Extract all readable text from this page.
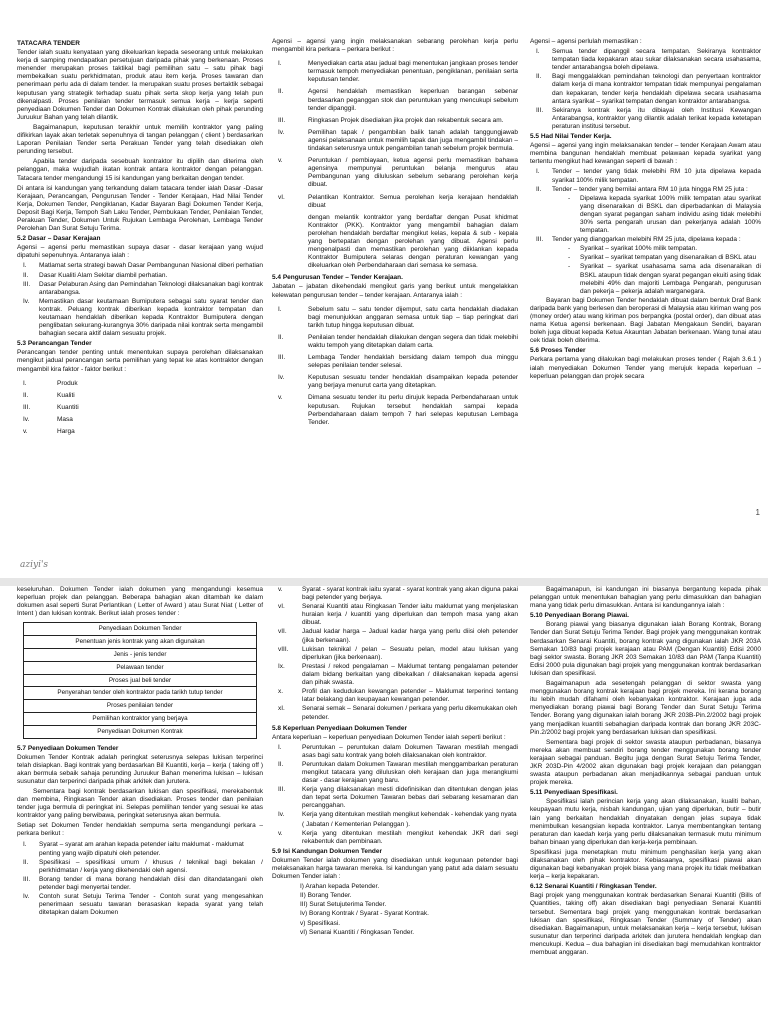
TATACARA TENDER

Tender ialah suatu kenyataan yang dikeluarkan kepada seseorang untuk melakukan kerja di samping mendapatkan persetujuan daripada pihak yang berkenaan. Proses menender merupakan proses taktikal bagi pemilihan satu – satu pihak bagi membekalkan suatu perkhidmatan, produk atau item kerja. Proses tawaran dan penerimaan perlu ada di dalam tender. Ia merupakan suatu proses bertaktik sebagai keputusan yang strategik terhadap suatu pihak serta skop kerja yang telah pun dikenalpasti. Proses penilaian tender termasuk semua kerja – kerja seperti penyediaan Dokumen Tender dan Dokumen Kontrak dilakukan oleh pihak perunding Juruukur Bahan yang telah dilantik.

Bagaimanapun, keputusan terakhir untuk memilih kontraktor yang paling difikirkan layak akan terletak sepenuhnya di tangan pelanggan ( client ) berdasarkan Laporan Penilaian Tender serta Perakuan Tender yang telah disediakan oleh perunding tersebut.

Apabila tender daripada sesebuah kontraktor itu dipilih dan diterima oleh pelanggan, maka wujudlah ikatan kontrak antara kontraktor dengan pelanggan. Tatacara tender mengandungi 15 isi kandungan yang berkaitan dengan tender.

Di antara isi kandungan yang terkandung dalam tatacara tender ialah Dasar -Dasar Kerajaan, Perancangan, Pengurusan Tender - Tender Kerajaan, Had Nilai Tender Kerja, Dokumen Tender, Pengiklanan, Kadar Bayaran Bagi Dokumen Tender Kerja, Deposit Bagi Kerja, Tempoh Sah Laku Tender, Pembukaan Tender, Penilaian Tender, Perakuan Tender, Dokumen Untuk Rujukan Lembaga Perolehan, Lembaga Tender Perolehan Dan Surat Setuju Terima.

5.2 Dasar – Dasar Kerajaan

Agensi – agensi perlu memastikan supaya dasar - dasar kerajaan yang wujud dipatuhi sepenuhnya. Antaranya ialah :

I.	Matlamat serta strategi bawah Dasar Pembangunan Nasional diberi perhatian
II.	Dasar Kualiti Alam Sekitar diambil perhatian.
III.	Dasar Pelaburan Asing dan Pemindahan Teknologi dilaksanakan bagi kontrak antarabangsa.
Iv.	Memastikan dasar keutamaan Bumiputera sebagai satu syarat tender dan kontrak. Peluang kontrak diberikan kepada kontraktor tempatan dan keutamaan hendaklah diberikan kepada Kontraktor Bumiputera dengan penglibatan sekurang-kurangnya 30% daripada nilai kontrak serta mengambil bahagian secara aktif dalam sesuatu projek.

5.3 Perancangan Tender

Perancangan tender penting untuk menentukan supaya perolehan dilaksanakan mengikut jadual perancangan serta pemilihan yang tepat ke atas kontraktor dengan mengambil kira faktor - faktor berikut :

I.	Produk
II.	Kualiti
III.	Kuantiti
Iv.	Masa
v.	Harga
aziyi's

Agensi – agensi yang ingin melaksanakan sebarang perolehan kerja perlu mengambil kira perkara – perkara berikut :

I.	Menyediakan carta atau jadual bagi menentukan jangkaan proses tender termasuk tempoh menyediakan penentuan, pengiklanan, penilaian serta keputusan tender.
II.	Agensi hendaklah memastikan keperluan barangan sebenar berdasarkan peganggan stok dan peruntukan yang mencukupi sebelum tender dipanggil.
III.	Ringkasan Projek disediakan jika projek dan rekabentuk secara am.
Iv.	Pemilihan tapak / pengambilan balik tanah adalah tanggungjawab agensi pelaksanaan untuk memilih tapak dan juga mengambil tindakan – tindakan seterusnya untuk pengambilan tanah sebelum projek bermula.
v.	Peruntukan / pembiayaan, ketua agensi perlu memastikan bahawa agensinya mempunyai peruntukan belanja mengurus atau Pembangunan yang diluluskan sebelum sebarang perolehan kerja dibuat.
vI.	Pelantikan Kontraktor. Semua perolehan kerja kerajaan hendaklah dibuat
dengan melantik kontraktor yang berdaftar dengan Pusat khidmat Kontraktor (PKK). Kontraktor yang mengambil bahagian dalam perolehan hendaklah berdaftar mengikut kelas, kepala & sub - kepala yang bertepatan dengan perolehan yang dibuat. Agensi perlu mengenalpasti dan memastikan perolehan yang diiklankan kepada Kontraktor Bumiputera selaras dengan peraturan kewangan yang dikeluarkan oleh Perbendaharaan dari semasa ke semasa.

5.4 Pengurusan Tender – Tender Kerajaan.

Jabatan – jabatan dikehendaki mengikut garis yang berikut untuk mengelakkan kelewatan pengurusan tender – tender kerajaan. Antaranya ialah :

I.	Sebelum satu – satu tender dijemput, satu carta hendaklah diadakan bagi menunjukkan anggaran semasa untuk tiap – tiap peringkat dari tarikh tutup hingga keputusan dibuat.
II.	Penilaian tender hendaklah dilakukan dengan segera dan tidak melebihi waktu tempoh yang ditetapkan dalam carta.
III.	Lembaga Tender hendaklah bersidang dalam tempoh dua minggu selepas penilaian tender selesai.
Iv.	Keputusan sesuatu tender hendaklah disampaikan kepada petender yang berjaya menurut carta yang ditetapkan.
v.	Dimana sesuatu tender itu perlu dirujuk kepada Perbendaharaan untuk keputusan. Rujukan tersebut hendaklah sampai kepada Perbendaharaan dalam tempoh 7 hari selepas keputusan Lembaga Tender.

Agensi – agensi perlulah memastikan :

I.	Semua tender dipanggil secara tempatan. Sekiranya kontraktor tempatan tiada kepakaran atau sukar dilaksanakan secara usahasama, tender antarabangsa boleh dipelawa.
II.	Bagi menggalakkan pemindahan teknologi dan penyertaan kontraktor dalam kerja di mana kontraktor tempatan tidak mempunyai pengalaman dan kepakaran, tender kerja hendaklah dipelawa secara usahasama antara syarikat – syarikat tempatan dengan kontraktor antarabangsa.
III.	Sekiranya kontrak kerja itu dibiayai oleh Institusi Kewangan Antarabangsa, kontraktor yang dilantik adalah terikat kepada ketetapan peraturan institusi tersebut.

5.5 Had Nilai Tender Kerja.

Agensi – agensi yang ingin melaksanakan tender – tender Kerajaan Awam atau membina bangunan hendaklah membuat pelawaan kepada syarikat yang tertentu mengikut had kewangan seperti di bawah :

I.	Tender – tender yang tidak melebihi RM 10 juta dipelawa kepada syarikat 100% milik tempatan.
II.	Tender – tender yang bernilai antara RM 10 juta hingga RM 25 juta :
-	Dipelawa kepada syarikat 100% milik tempatan atau syarikat yang disenaraikan di BSKL dan diperbadankan di Malaysia dengan syarat pegangan saham individu asing tidak melebihi 30% serta pengarah urusan dan pekerjanya adalah 100% tempatan.
III.	Tender yang dianggarkan melebihi RM 25 juta, dipelawa kepada :
-	Syarikat – syarikat 100% milik tempatan.
-	Syarikat – syarikat tempatan yang disenaraikan di BSKL atau
-	Syarikat – syarikat usahasama sama ada disenaraikan di BSKL ataupun tidak dengan syarat pegangan ekuiti asing tidak melebihi 49% dan majoriti Lembaga Pengarah, pengurusan dan pekerja – pekerja adalah warganegara.

Bayaran bagi Dokumen Tender hendaklah dibuat dalam bentuk Draf Bank daripada bank yang berlesen dan beroperasi di Malaysia atau kiriman wang pos (money order) atau wang kiriman pos berpangka (postal order), dan dibuat atas nama Ketua agensi berkenaan. Bagi Jabatan Mengakaun Sendiri, bayaran boleh juga dibuat kepada Ketua Akauntan Jabatan berkenaan. Wang tunai atau cek tidak boleh diterima.

5.6 Proses Tender

Perkara pertama yang dilakukan bagi melakukan proses tender ( Rajah 3.6.1 ) ialah menyediakan Dokumen Tender yang merujuk kepada keperluan – keperluan pelanggan dan projek secara

1

keseluruhan. Dokumen Tender ialah dokumen yang mengandungi kesemua keperluan projek dan pelanggan. Beberapa bahagian akan ditambah ke dalam dokumen asal seperti Surat Perlantikan ( Letter of Award ) atau Surat Niat ( Letter of Intent ) dan lukisan kontrak. Berikut ialah proses tender :

Penyediaan Dokumen Tender
Penentuan jenis kontrak yang akan digunakan
Jenis - jenis tender
Pelawaan tender
Proses jual beli tender
Penyerahan tender oleh kontraktor pada tarikh tutup tender
Proses penilaian tender
Pemilihan kontraktor yang berjaya
Penyediaan Dokumen Kontrak

5.7 Penyediaan Dokumen Tender

Dokumen Tender Kontrak adalah peringkat seterusnya selepas lukisan terperinci telah disiapkan. Bagi kontrak yang berdasarkan Bil Kuantiti, kerja – kerja ( taking off ) akan bermula sebaik sahaja perunding Juruukur Bahan menerima lukisan – lukisan susunatur dan terperinci daripada pihak arkitek dan jurutera.

Sementara bagi kontrak berdasarkan lukisan dan spesifikasi, merekabentuk dan membina, Ringkasan Tender akan disediakan. Proses tender dan penilaian tender juga bermula di peringkat ini. Selepas pemilihan tender yang sesuai ke atas kontraktor yang paling berwibawa, peringkat seterusnya akan bermula.

Setiap set Dokumen Tender hendaklah sempurna serta mengandungi perkara – perkara berikut :

I.	Syarat – syarat am arahan kepada petender iaitu maklumat - maklumat
penting yang wajib dipatuhi oleh petender.
II.	Spesifikasi – spesifikasi umum / khusus / teknikal bagi bekalan / perkhidmatan / kerja yang dikehendaki oleh agensi.
III.	Borang tender di mana borang hendaklah diisi dan ditandatangani oleh petender bagi menyertai tender.
Iv.	Contoh surat Setuju Terima Tender - Contoh surat yang mengesahkan penerimaan sesuatu tawaran berasaskan kepada syarat yang telah ditetapkan dalam Dokumen
v.	Syarat - syarat kontrak iaitu syarat - syarat kontrak yang akan diguna pakai bagi petender yang berjaya.
vI.	Senarai Kuantiti atau Ringkasan Tender iaitu maklumat yang menjelaskan huraian kerja / kuantiti yang diperlukan dan tempoh masa yang akan dibuat.
vII.	Jadual kadar harga – Jadual kadar harga yang perlu diisi oleh petender (jika berkenaan).
vIII.	Lukisan teknikal / pelan – Sesuatu pelan, model atau lukisan yang diperlukan (jika berkenaan).
Ix.	Prestasi / rekod pengalaman – Maklumat tentang pengalaman petender dalam bidang berkaitan yang dibekalkan / dilaksanakan kepada agensi dan pihak swasta.
x.	Profil dan kedudukan kewangan petender – Maklumat terperinci tentang latar belakang dan keupayaan kewangan petender.
xI.	Senarai semak – Senarai dokumen / perkara yang perlu dikemukakan oleh
petender.

5.8 Keperluan Penyediaan Dokumen Tender

Antara keperluan – keperluan penyediaan Dokumen Tender ialah seperti berikut :

I.	Peruntukan – peruntukan dalam Dokumen Tawaran mestilah mengadi asas bagi satu kontrak yang boleh dilaksanakan oleh kontraktor.
II.	Peruntukan dalam Dokumen Tawaran mestilah menggambarkan peraturan mengikut tatacara yang diluluskan oleh kerajaan dan juga merangkumi dasar - dasar kerajaan yang baru.
III.	Kerja yang dilaksanakan mesti didefinisikan dan ditentukan dengan jelas dan tepat serta Dokumen Tawaran bebas dari sebarang kesamaran dan percanggahan.
Iv.	Kerja yang ditentukan mestilah mengikut kehendak - kehendak yang nyata
( Jabatan / Kementerian Pelanggan ).
v.	Kerja yang ditentukan mestilah mengikut kehendak JKR dari segi rekabentuk dan pembinaan.

5.9 Isi Kandungan Dokumen Tender

Dokumen Tender ialah dokumen yang disediakan untuk kegunaan petender bagi melaksanakan harga tawaran mereka. Isi kandungan yang patut ada dalam sesuatu Dokumen Tender ialah :

I) Arahan kepada Petender.
II) Borang Tender.
III) Surat Setujuterima Tender.
Iv) Borang Kontrak / Syarat - Syarat Kontrak.
v) Spesifikasi.
vI) Senarai Kuantiti / Ringkasan Tender.

Bagaimanapun, isi kandungan ini biasanya bergantung kepada pihak pelanggan untuk menentukan bahagian yang perlu dimasukkan dan bahagian mana yang tidak perlu dimasukkan. Antara isi kandungannya ialah :

5.10 Penyediaan Borang Piawai.

Borang piawai yang biasanya digunakan ialah Borang Kontrak, Borang Tender dan Surat Setuju Terima Tender. Bagi projek yang menggunakan kontrak berdasarkan Senarai Kuantiti, borang kontrak yang digunakan ialah JKR 203A Semakan 10/83 bagi projek kerajaan atau PAM (Dengan Kuantiti) Edisi 2000 bagi sektor swasta. Borang JKR 203 Semakan 10/83 dan PAM (Tanpa Kuantiti) Edisi 2000 pula digunakan bagi projek yang menggunakan kontrak berdasarkan lukisan dan spesifikasi.

Bagaimanapun ada sesetengah pelanggan di sektor swasta yang menggunakan borang kontrak kerajaan bagi projek mereka. Ini kerana borang itu lebih mudah difahami oleh kebanyakan kontraktor. Kerajaan juga ada menyediakan borang piawai bagi Borang Tender dan Surat Setuju Terima Tender. Borang yang digunakan ialah borang JKR 203B-Pin.2/2002 bagi projek yang menjadikan kuantiti sebahagian daripada kontrak dan borang JKR 203C-Pin.2/2002 bagi projek yang berdasarkan lukisan dan spesifikasi.

Sementara bagi projek di sektor swasta ataupun perbadanan, biasanya mereka akan membuat sendiri borang tender menggunakan borang tender kerajaan sebagai panduan. Begitu juga dengan Surat Setuju Terima Tender, JKR 203D-Pin 4/2002 akan digunakan bagi projek kerajaan dan pelanggan swasta ataupun perbadanan akan menjadikannya sebagai panduan untuk projek mereka.

5.11 Penyediaan Spesifikasi.

Spesifikasi ialah perincian kerja yang akan dilaksanakan, kualiti bahan, keupayaan mutu kerja, nisbah kandungan, ujian yang diperlukan, butir – butir lain yang berkaitan hendaklah dinyatakan dengan jelas supaya tidak menimbulkan kesangsian kepada kontraktor. Lanya membentangkan tentang peraturan dan kaedah kerja yang perlu dilaksanakan termasuk mutu minimum bahan binaan yang diperlukan dan kerja-kerja pembinaan.

Spesifikasi juga menetapkan mutu minimum penghasilan kerja yang akan dilaksanakan oleh pihak kontraktor. Kebiasaanya, spesifikasi piawai akan digunakan bagi kebanyakan projek biasa yang mana projek itu tidak melibatkan kerja – kerja kepakaran.

6.12 Senarai Kuantiti / Ringkasan Tender.

Bagi projek yang menggunakan kontrak berdasarkan Senarai Kuantiti (Bills of Quantities, taking off) akan disediakan bagi penyediaan Senarai Kuantiti tersebut. Sementara bagi projek yang menggunakan kontrak berdasarkan lukisan dan spesifikasi, Ringkasan Tender (Summary of Tender) akan disediakan. Bagaimanapun, untuk melaksanakan kerja – kerja tersebut, lukisan susunatur dan terperinci daripada arkitek dan jurutera hendaklah lengkap dan mencukupi. Kedua – dua bahagian ini disediakan bagi memudahkan kontraktor membuat anggaran.
